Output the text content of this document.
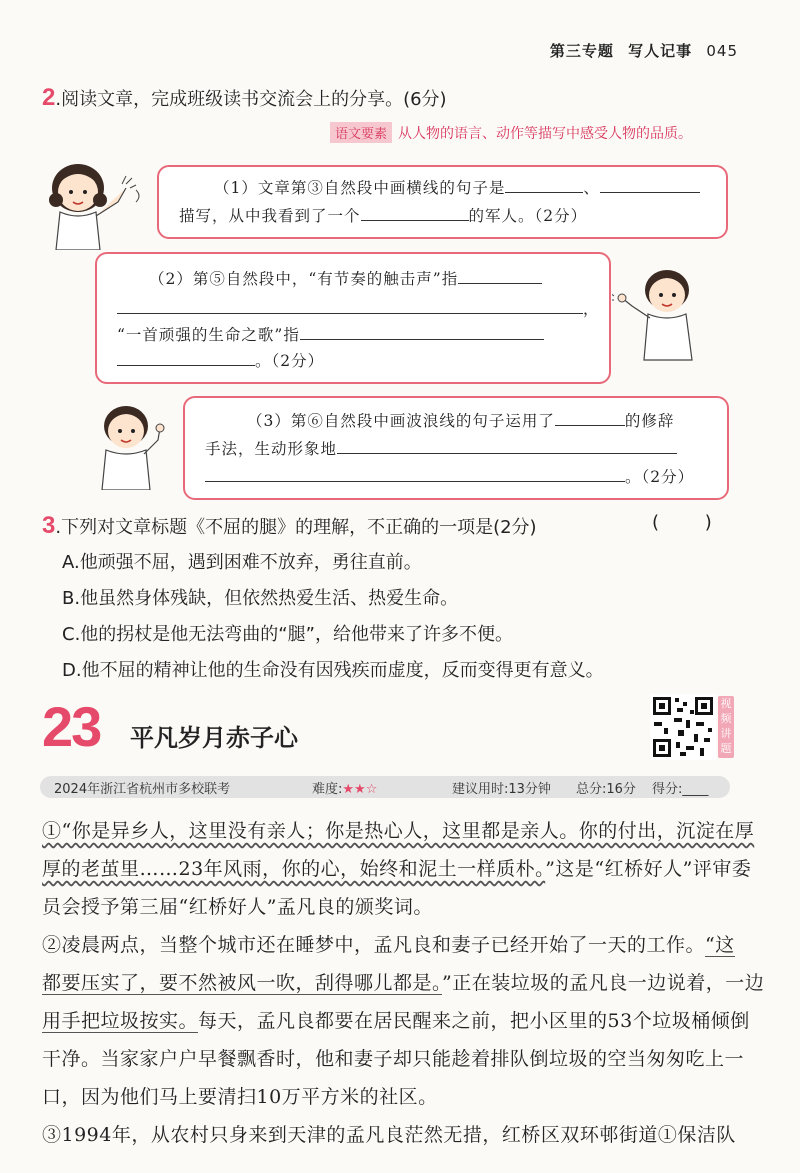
第三专题 写人记事 045
2.阅读文章，完成班级读书交流会上的分享。(6分)
语文要素 从人物的语言、动作等描写中感受人物的品质。
（1）文章第③自然段中画横线的句子是	、
描写，从中我看到了一个	的军人。（2分）
（2）第⑤自然段中，“有节奏的触击声”指
，
“一首顽强的生命之歌”指
。（2分）
（3）第⑥自然段中画波浪线的句子运用了	的修辞
手法，生动形象地
。（2分）
3.下列对文章标题《不屈的腿》的理解，不正确的一项是(2分)	(        )
A.他顽强不屈，遇到困难不放弃，勇往直前。
B.他虽然身体残缺，但依然热爱生活、热爱生命。
C.他的拐杖是他无法弯曲的“腿”，给他带来了许多不便。
D.他不屈的精神让他的生命没有因残疾而虚度，反而变得更有意义。
23 平凡岁月赤子心
视频讲题
2024年浙江省杭州市多校联考	难度:★★☆	建议用时:13分钟 总分:16分 得分:____
①“你是异乡人，这里没有亲人；你是热心人，这里都是亲人。你的付出，沉淀在厚
厚的老茧里……23年风雨，你的心，始终和泥土一样质朴。”这是“红桥好人”评审委
员会授予第三届“红桥好人”孟凡良的颁奖词。
②凌晨两点，当整个城市还在睡梦中，孟凡良和妻子已经开始了一天的工作。“这
都要压实了，要不然被风一吹，刮得哪儿都是。”正在装垃圾的孟凡良一边说着，一边
用手把垃圾按实。每天，孟凡良都要在居民醒来之前，把小区里的53个垃圾桶倾倒
干净。当家家户户早餐飘香时，他和妻子却只能趁着排队倒垃圾的空当匆匆吃上一
口，因为他们马上要清扫10万平方米的社区。
③1994年，从农村只身来到天津的孟凡良茫然无措，红桥区双环邨街道①保洁队
